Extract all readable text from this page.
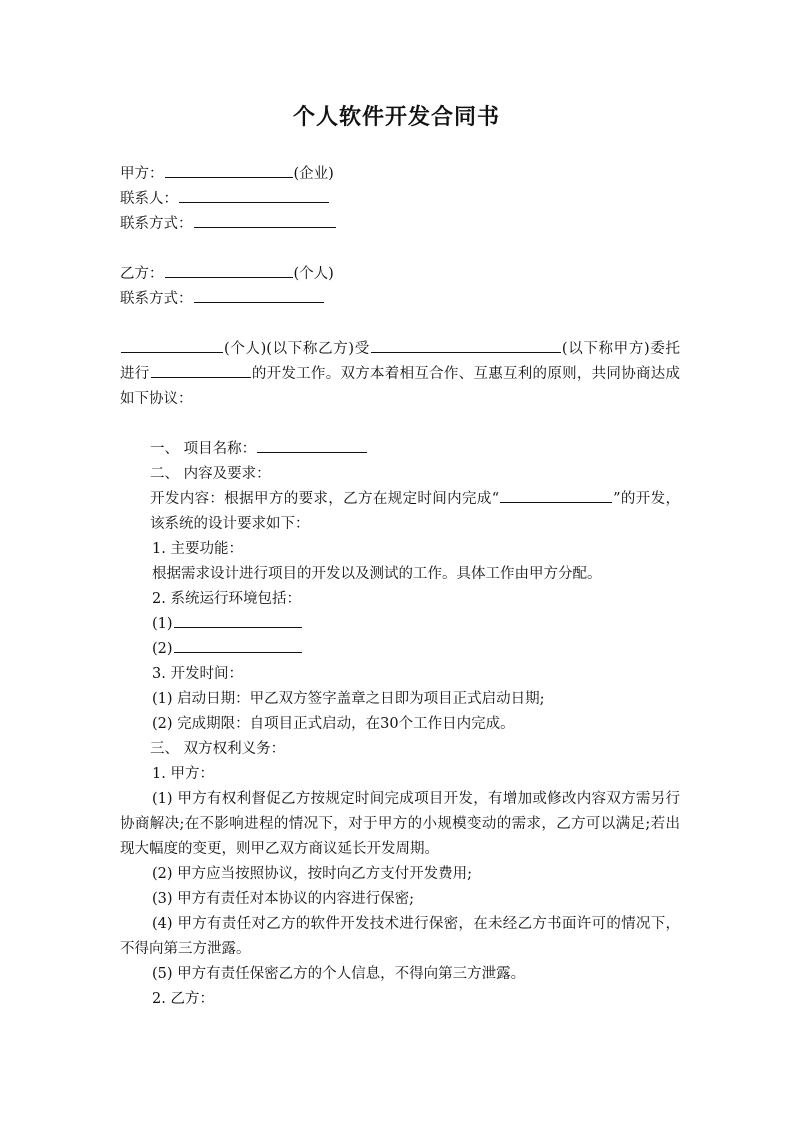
个人软件开发合同书
甲方：	(企业)
联系人：
联系方式：
乙方：	(个人)
联系方式：
(个人)(以下称乙方)受	(以下称甲方)委托进行	的开发工作。双方本着相互合作、互惠互利的原则，共同协商达成如下协议：
一、 项目名称：
二、 内容及要求：
开发内容：根据甲方的要求，乙方在规定时间内完成“	”的开发，该系统的设计要求如下：
1. 主要功能：
根据需求设计进行项目的开发以及测试的工作。具体工作由甲方分配。
2. 系统运行环境包括：
(1)
(2)
3. 开发时间：
(1) 启动日期：甲乙双方签字盖章之日即为项目正式启动日期;
(2) 完成期限：自项目正式启动，在30个工作日内完成。
三、 双方权利义务：
1. 甲方：
(1) 甲方有权利督促乙方按规定时间完成项目开发，有增加或修改内容双方需另行协商解决;在不影响进程的情况下，对于甲方的小规模变动的需求，乙方可以满足;若出现大幅度的变更，则甲乙双方商议延长开发周期。
(2) 甲方应当按照协议，按时向乙方支付开发费用;
(3) 甲方有责任对本协议的内容进行保密;
(4) 甲方有责任对乙方的软件开发技术进行保密，在未经乙方书面许可的情况下，不得向第三方泄露。
(5) 甲方有责任保密乙方的个人信息，不得向第三方泄露。
2. 乙方：
